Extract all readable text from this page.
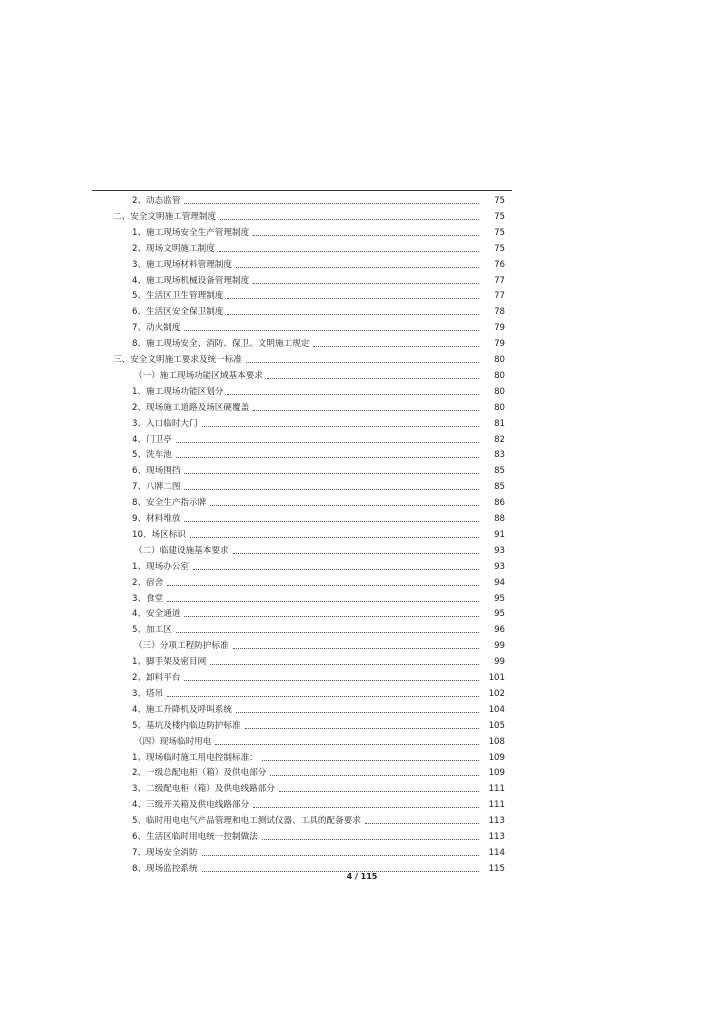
2、动态监管	75
二、安全文明施工管理制度	75
1、施工现场安全生产管理制度	75
2、现场文明施工制度	75
3、施工现场材料管理制度	76
4、施工现场机械设备管理制度	77
5、生活区卫生管理制度	77
6、生活区安全保卫制度	78
7、动火制度	79
8、施工现场安全、消防、保卫、文明施工规定	79
三、安全文明施工要求及统一标准	80
（一）施工现场功能区域基本要求	80
1、施工现场功能区划分	80
2、现场施工道路及场区硬覆盖	80
3、入口临时大门	81
4、门卫亭	82
5、洗车池	83
6、现场围挡	85
7、八牌二图	85
8、安全生产指示牌	86
9、材料堆放	88
10、场区标识	91
（二）临建设施基本要求	93
1、现场办公室	93
2、宿舍	94
3、食堂	95
4、安全通道	95
5、加工区	96
（三）分项工程防护标准	99
1、脚手架及密目网	99
2、卸料平台	101
3、塔吊	102
4、施工升降机及呼叫系统	104
5、基坑及楼内临边防护标准	105
（四）现场临时用电	108
1、现场临时施工用电控制标准：	109
2、一级总配电柜（箱）及供电部分	109
3、二级配电柜（箱）及供电线路部分	111
4、三级开关箱及供电线路部分	111
5、临时用电电气产品管理和电工测试仪器、工具的配备要求	113
6、生活区临时用电统一控制做法	113
7、现场安全消防	114
8、现场监控系统	115
4 / 115
